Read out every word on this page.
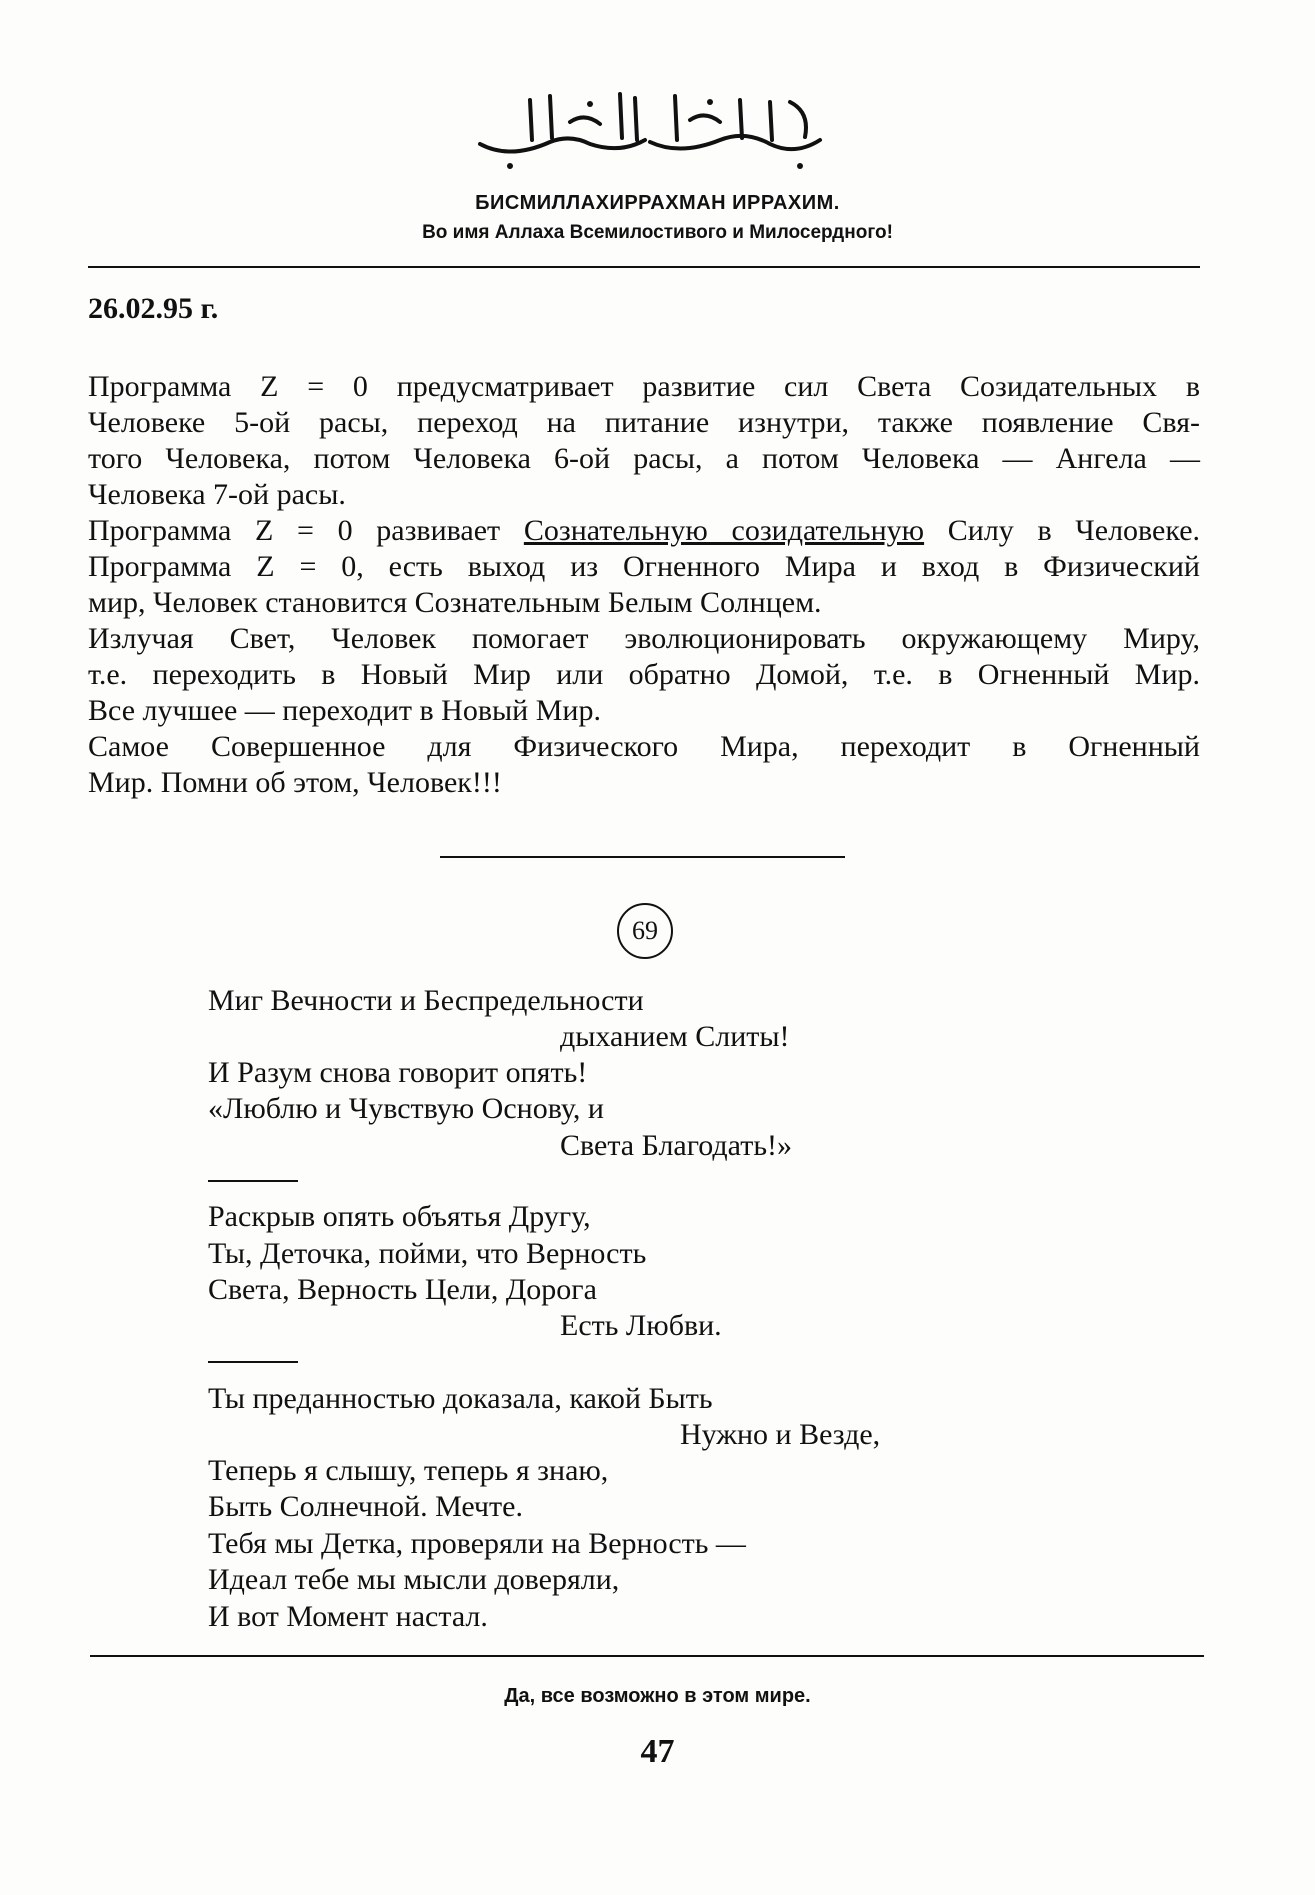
БИСМИЛЛАХИРРАХМАН ИРРАХИМ.
Во имя Аллаха Всемилостивого и Милосердного!
26.02.95 г.
Программа Z = 0 предусматривает развитие сил Света Созидательных в
Человеке 5-ой расы, переход на питание изнутри, также появление Свя-
того Человека, потом Человека 6-ой расы, а потом Человека — Ангела —
Человека 7-ой расы.
Программа Z = 0 развивает Сознательную созидательную Силу в Человеке.
Программа Z = 0, есть выход из Огненного Мира и вход в Физический
мир, Человек становится Сознательным Белым Солнцем.
Излучая Свет, Человек помогает эволюционировать окружающему Миру,
т.е. переходить в Новый Мир или обратно Домой, т.е. в Огненный Мир.
Все лучшее — переходит в Новый Мир.
Самое Совершенное для Физического Мира, переходит в Огненный
Мир. Помни об этом, Человек!!!
69
Миг Вечности и Беспредельности
дыханием Слиты!
И Разум снова говорит опять!
«Люблю и Чувствую Основу, и
Света Благодать!»
Раскрыв опять объятья Другу,
Ты, Деточка, пойми, что Верность
Света, Верность Цели, Дорога
Есть Любви.
Ты преданностью доказала, какой Быть
Нужно и Везде,
Теперь я слышу, теперь я знаю,
Быть Солнечной. Мечте.
Тебя мы Детка, проверяли на Верность —
Идеал тебе мы мысли доверяли,
И вот Момент настал.
Да, все возможно в этом мире.
47
